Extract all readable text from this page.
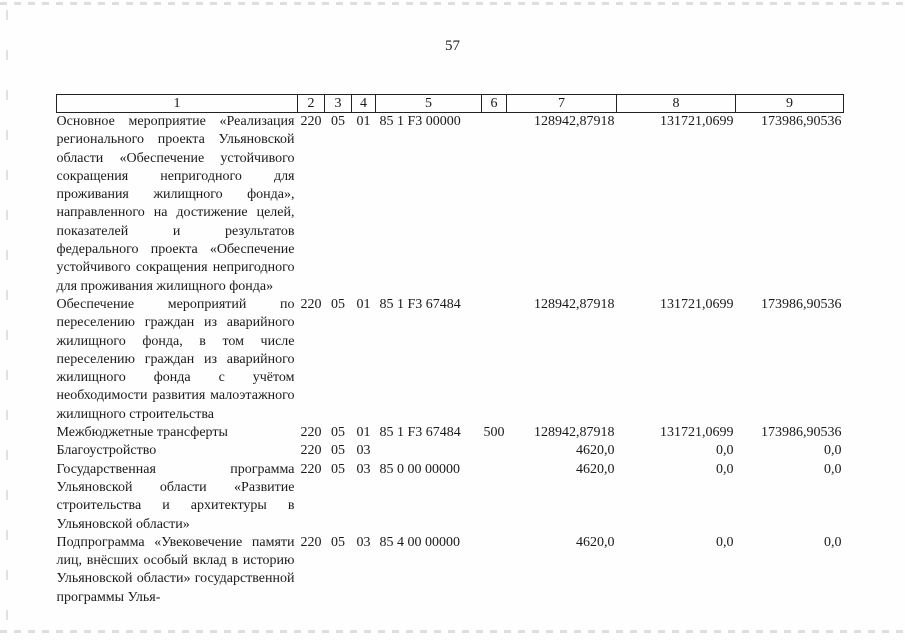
57
1	2	3	4	5	6	7	8	9
Основное мероприятие «Реализация регионального проекта Ульяновской области «Обеспечение устойчивого сокращения непригодного для проживания жилищного фонда», направленного на достижение целей, показателей и результатов федерального проекта «Обеспечение устойчивого сокращения непригодного для проживания жилищного фонда»	220	05	01	85 1 F3 00000		128942,87918	131721,0699	173986,90536
Обеспечение мероприятий по переселению граждан из аварийного жилищного фонда, в том числе переселению граждан из аварийного жилищного фонда с учётом необходимости развития малоэтажного жилищного строительства	220	05	01	85 1 F3 67484		128942,87918	131721,0699	173986,90536
Межбюджетные трансферты	220	05	01	85 1 F3 67484	500	128942,87918	131721,0699	173986,90536
Благоустройство	220	05	03			4620,0	0,0	0,0
Государственная программа Ульяновской области «Развитие строительства и архитектуры в Ульяновской области»	220	05	03	85 0 00 00000		4620,0	0,0	0,0
Подпрограмма «Увековечение памяти лиц, внёсших особый вклад в историю Ульяновской области» государственной программы Улья-	220	05	03	85 4 00 00000		4620,0	0,0	0,0
